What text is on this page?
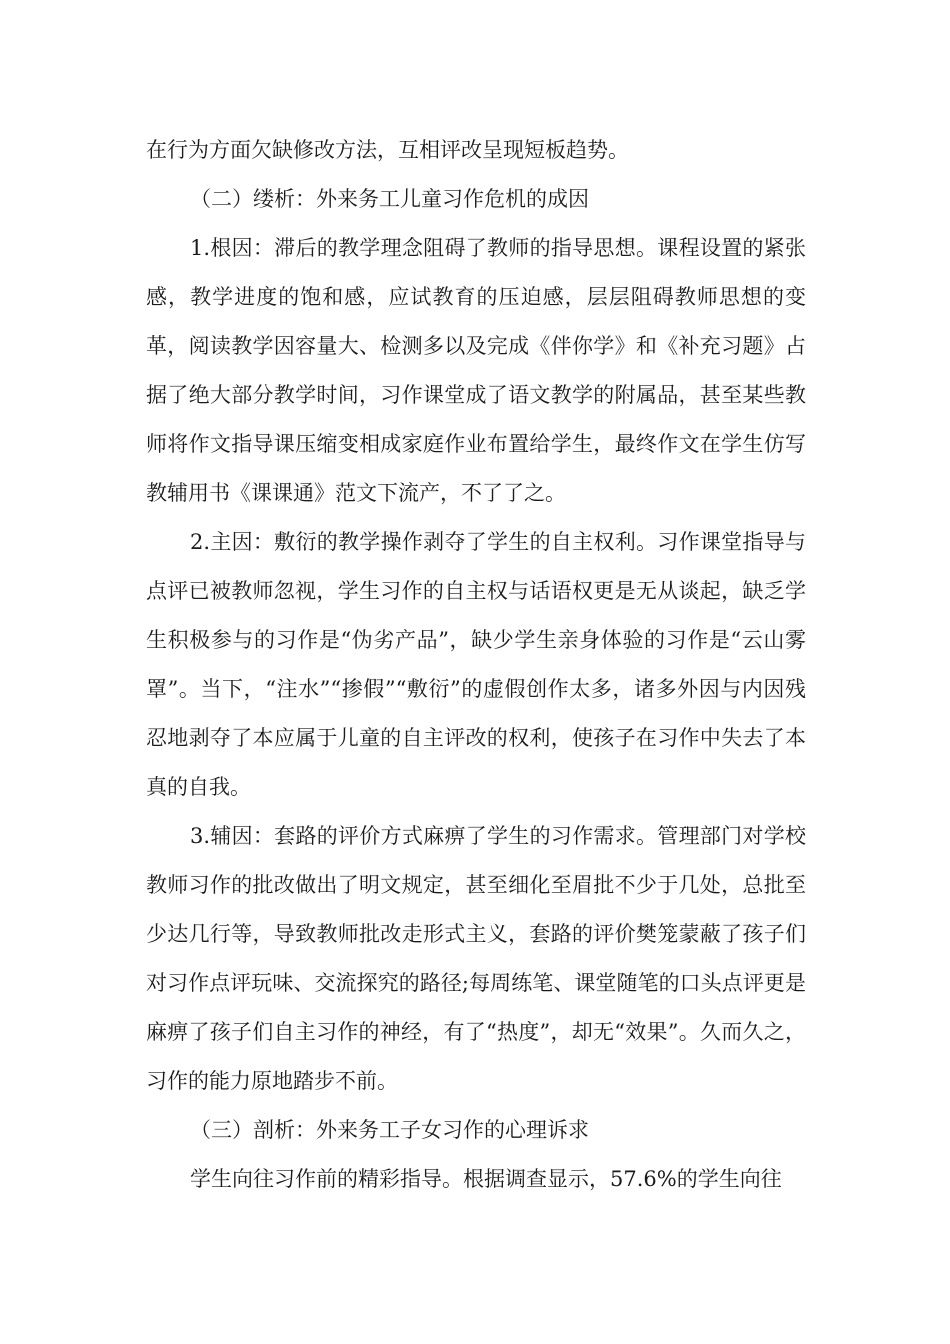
在行为方面欠缺修改方法，互相评改呈现短板趋势。

（二）缕析：外来务工儿童习作危机的成因

1.根因：滞后的教学理念阻碍了教师的指导思想。课程设置的紧张感，教学进度的饱和感，应试教育的压迫感，层层阻碍教师思想的变革，阅读教学因容量大、检测多以及完成《伴你学》和《补充习题》占据了绝大部分教学时间，习作课堂成了语文教学的附属品，甚至某些教师将作文指导课压缩变相成家庭作业布置给学生，最终作文在学生仿写教辅用书《课课通》范文下流产，不了了之。

2.主因：敷衍的教学操作剥夺了学生的自主权利。习作课堂指导与点评已被教师忽视，学生习作的自主权与话语权更是无从谈起，缺乏学生积极参与的习作是“伪劣产品”，缺少学生亲身体验的习作是“云山雾罩”。当下，“注水”“掺假”“敷衍”的虚假创作太多，诸多外因与内因残忍地剥夺了本应属于儿童的自主评改的权利，使孩子在习作中失去了本真的自我。

3.辅因：套路的评价方式麻痹了学生的习作需求。管理部门对学校教师习作的批改做出了明文规定，甚至细化至眉批不少于几处，总批至少达几行等，导致教师批改走形式主义，套路的评价樊笼蒙蔽了孩子们对习作点评玩味、交流探究的路径;每周练笔、课堂随笔的口头点评更是麻痹了孩子们自主习作的神经，有了“热度”，却无“效果”。久而久之，习作的能力原地踏步不前。

（三）剖析：外来务工子女习作的心理诉求

学生向往习作前的精彩指导。根据调查显示，57.6%的学生向往
